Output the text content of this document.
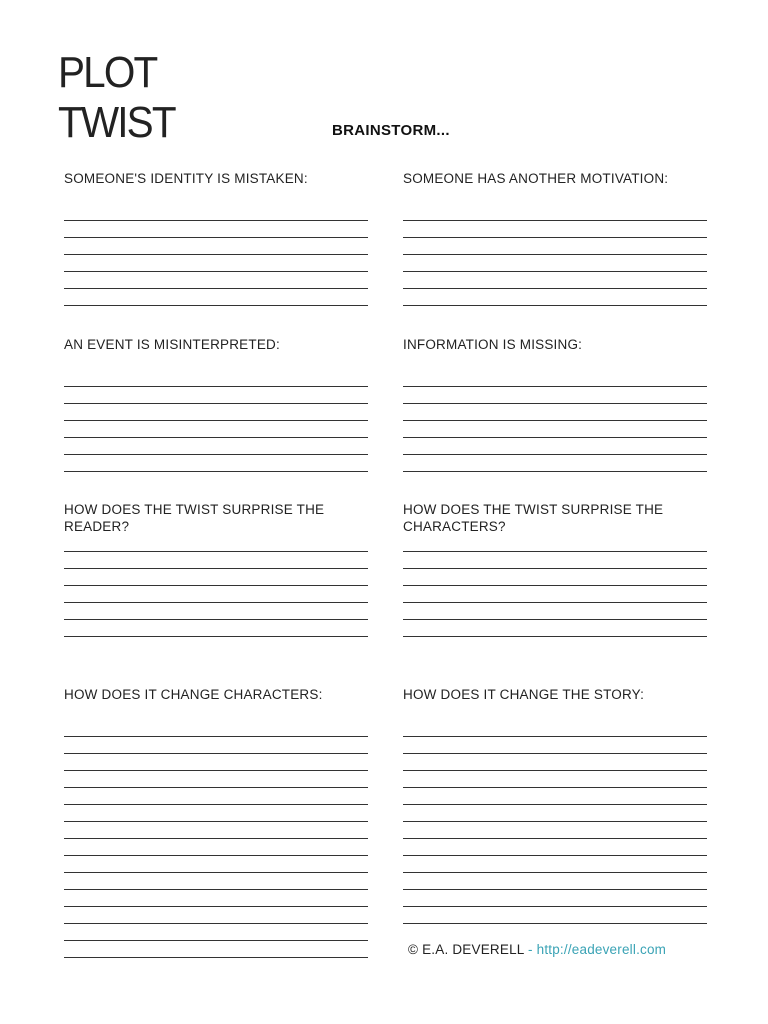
PLOT
TWIST	BRAINSTORM...

SOMEONE'S IDENTITY IS MISTAKEN:	SOMEONE HAS ANOTHER MOTIVATION:

AN EVENT IS MISINTERPRETED:	INFORMATION IS MISSING:

HOW DOES THE TWIST SURPRISE THE READER?

HOW DOES THE TWIST SURPRISE THE CHARACTERS?

HOW DOES IT CHANGE CHARACTERS:	HOW DOES IT CHANGE THE STORY:

© E.A. DEVERELL - http://eadeverell.com
